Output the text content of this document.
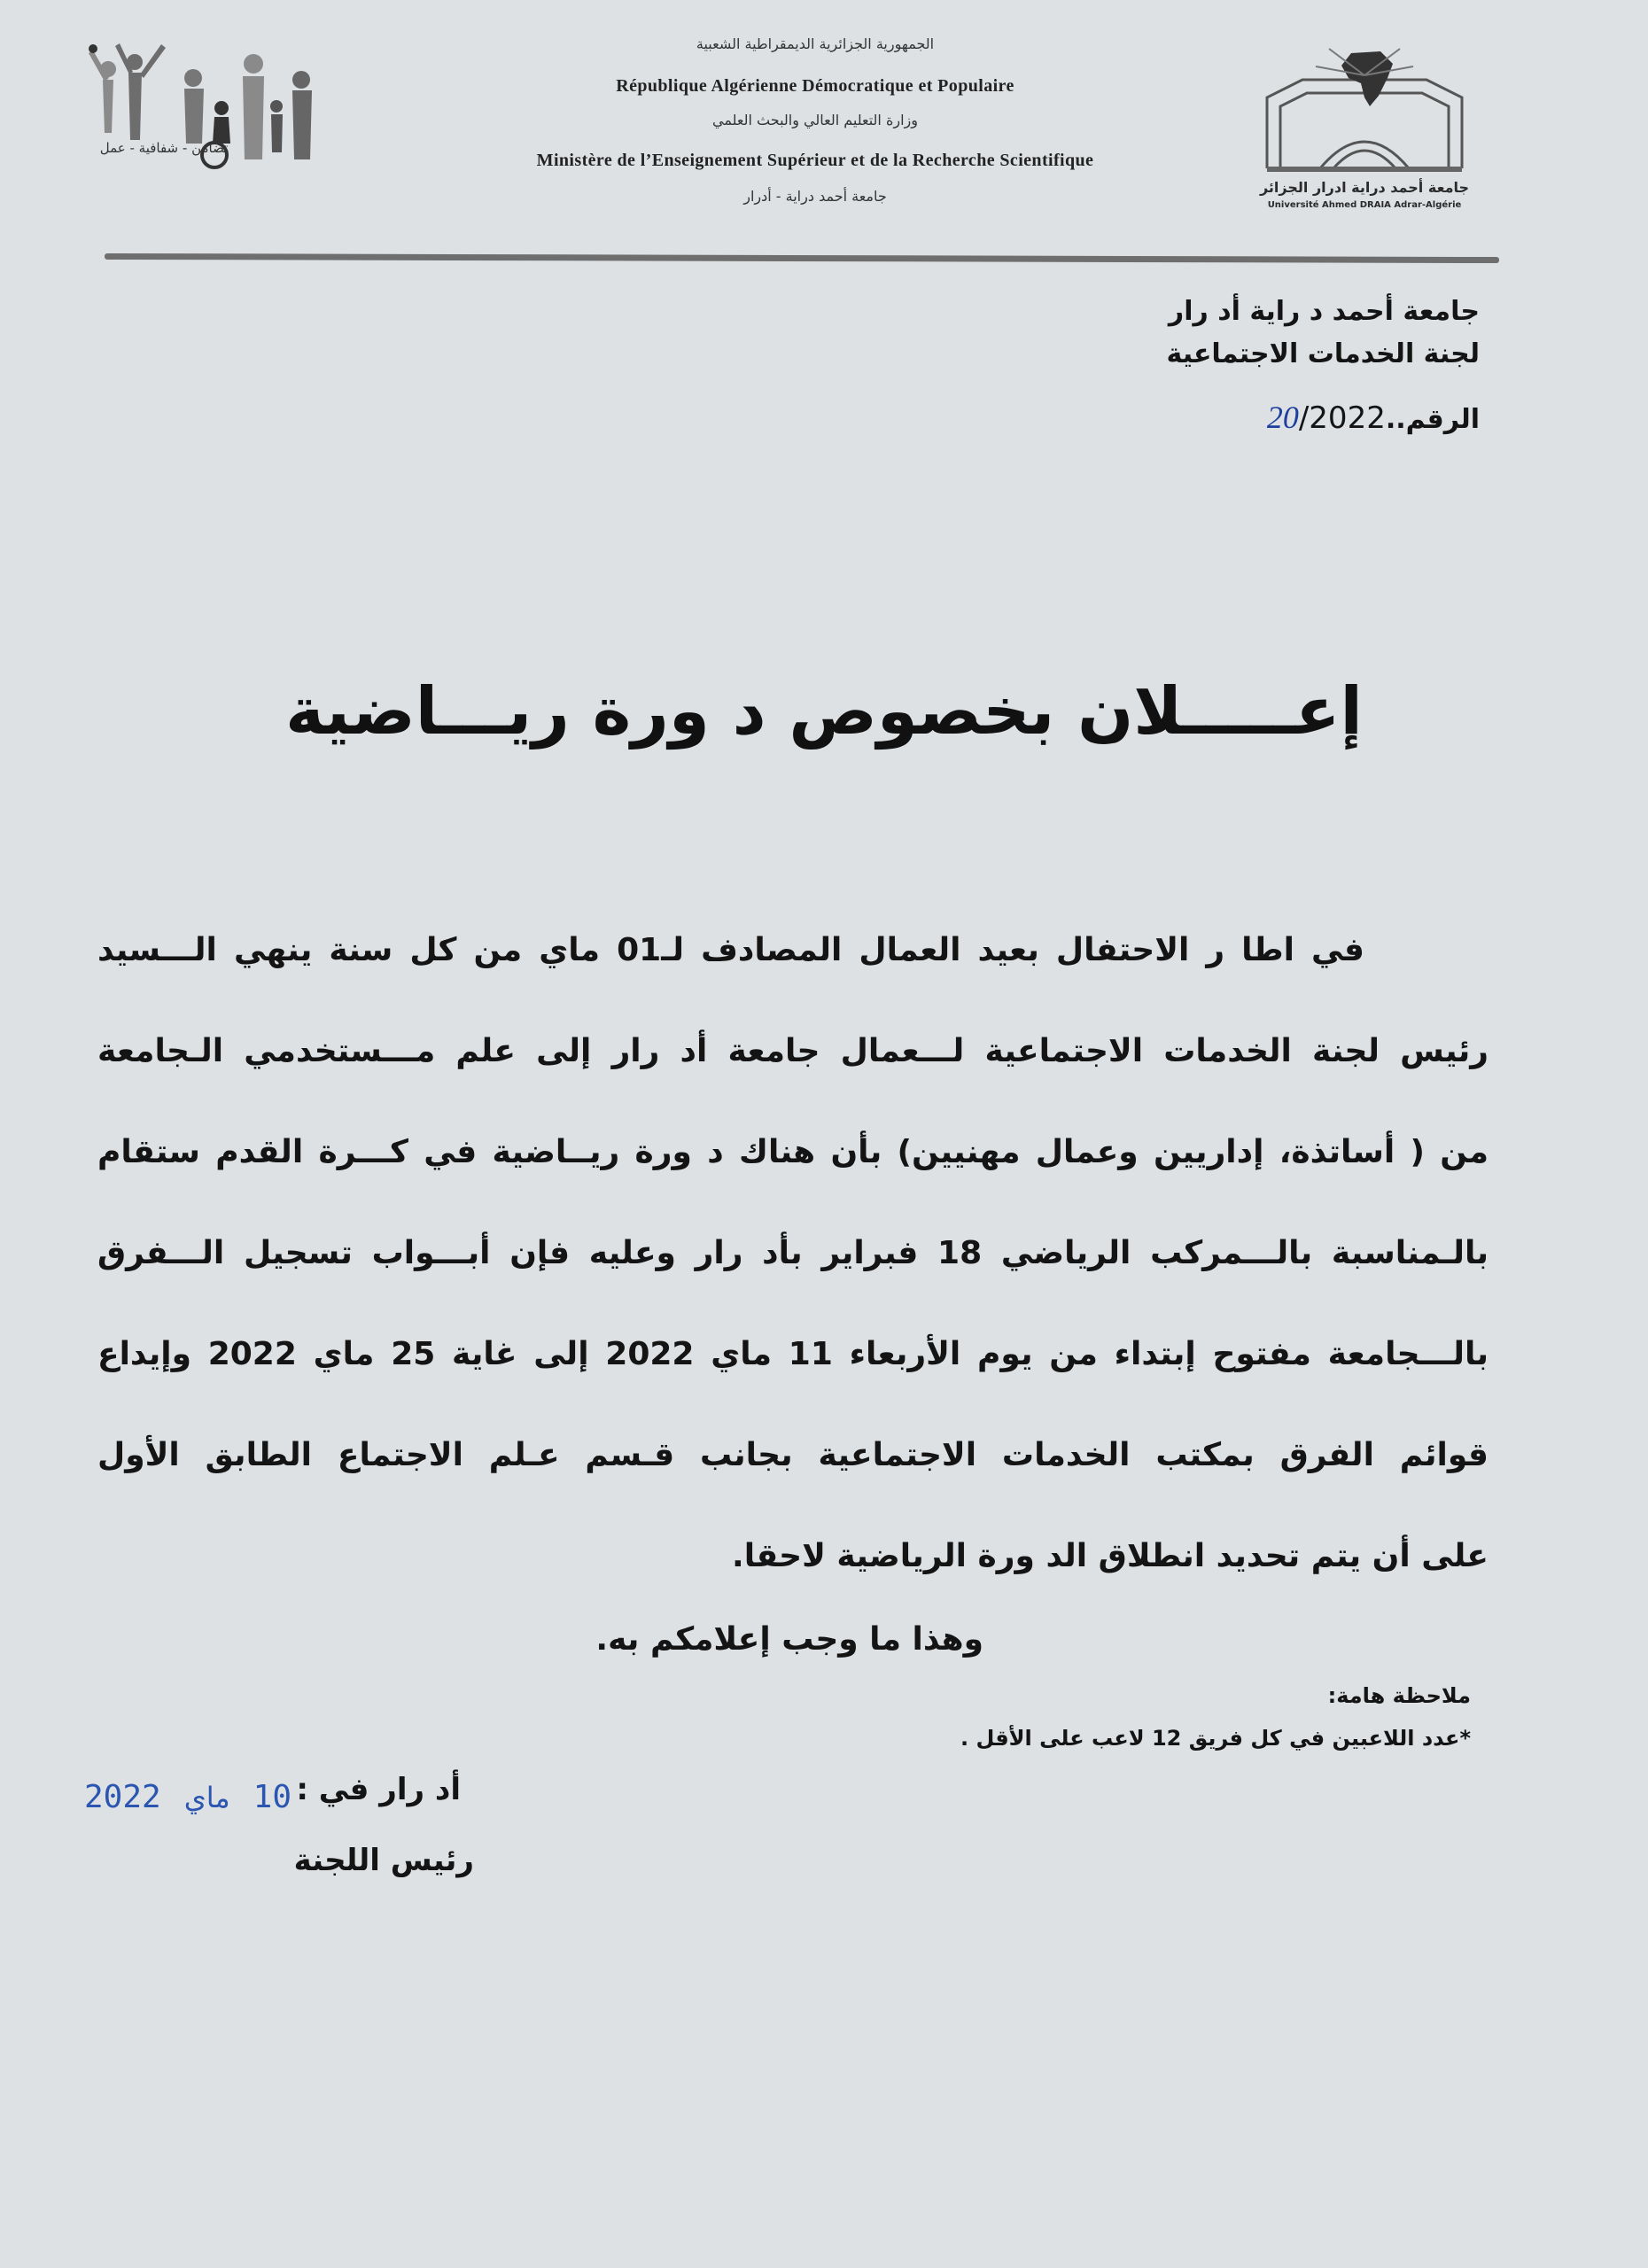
تضامن - شفافية - عمل
الجمهورية الجزائرية الديمقراطية الشعبية
République Algérienne Démocratique et Populaire
وزارة التعليم العالي والبحث العلمي
Ministère de l’Enseignement Supérieur et de la Recherche Scientifique
جامعة أحمد دراية - أدرار
جامعة أحمد دراية ادرار الجزائر
Université Ahmed DRAIA Adrar-Algérie
جامعة أحمد د راية أد رار
لجنة الخدمات الاجتماعية
الرقم..20/2022
إعـــــلان بخصوص د ورة ريـــاضية
في اطا ر الاحتفال بعيد العمال المصادف لـ01 ماي من كل سنة ينهي الـــسيد
رئيس لجنة الخدمات الاجتماعية لـــعمال جامعة أد رار إلى علم مـــستخدمي الـجامعة
من ( أساتذة، إداريين وعمال مهنيين) بأن هناك د ورة ريــاضية في كـــرة القدم ستقام
بالـمناسبة بالـــمركب الرياضي 18 فبراير بأد رار وعليه فإن أبـــواب تسجيل الـــفرق
بالـــجامعة مفتوح إبتداء من يوم الأربعاء 11 ماي 2022 إلى غاية 25 ماي 2022 وإيداع
قوائم الفرق بمكتب الخدمات الاجتماعية بجانب قـسم عـلم الاجتماع الطابق الأول
على أن يتم تحديد انطلاق الد ورة الرياضية لاحقا.
وهذا ما وجب إعلامكم به.
ملاحظة هامة:
*عدد اللاعبين في كل فريق 12 لاعب على الأقل .
أد رار في :
2022 ماي 10
رئيس اللجنة
